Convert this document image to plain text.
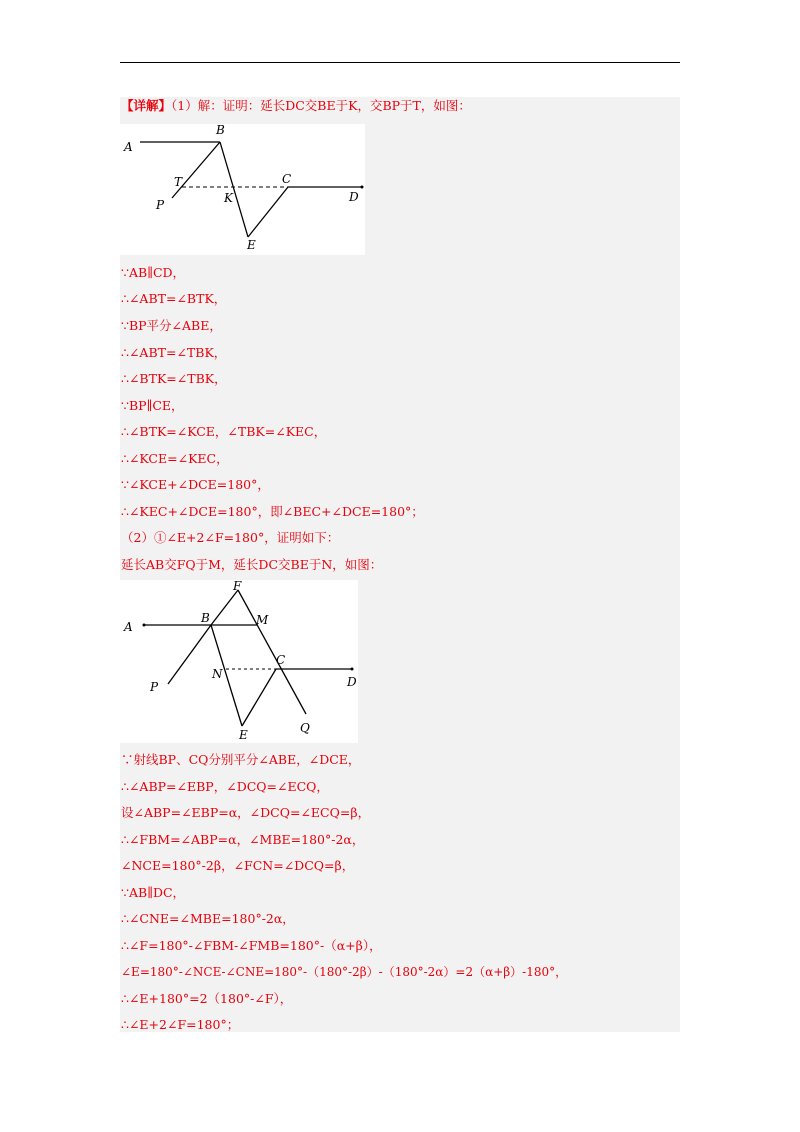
【详解】（1）解：证明：延长DC交BE于K，交BP于T，如图：
A
B
T
P	K
C
D
E
∵AB∥CD，
∴∠ABT=∠BTK，
∵BP平分∠ABE，
∴∠ABT=∠TBK，
∴∠BTK=∠TBK，
∵BP∥CE，
∴∠BTK=∠KCE，∠TBK=∠KEC，
∴∠KCE=∠KEC，
∵∠KCE+∠DCE=180°，
∴∠KEC+∠DCE=180°，即∠BEC+∠DCE=180°；
（2）①∠E+2∠F=180°，证明如下：
延长AB交FQ于M，延长DC交BE于N，如图：
F
A
B	M
C
N
D
P
E	Q
∵射线BP、CQ分别平分∠ABE，∠DCE，
∴∠ABP=∠EBP，∠DCQ=∠ECQ，
设∠ABP=∠EBP=α，∠DCQ=∠ECQ=β，
∴∠FBM=∠ABP=α，∠MBE=180°-2α，
∠NCE=180°-2β，∠FCN=∠DCQ=β，
∵AB∥DC，
∴∠CNE=∠MBE=180°-2α，
∴∠F=180°-∠FBM-∠FMB=180°-（α+β），
∠E=180°-∠NCE-∠CNE=180°-（180°-2β）-（180°-2α）=2（α+β）-180°，
∴∠E+180°=2（180°-∠F），
∴∠E+2∠F=180°；
